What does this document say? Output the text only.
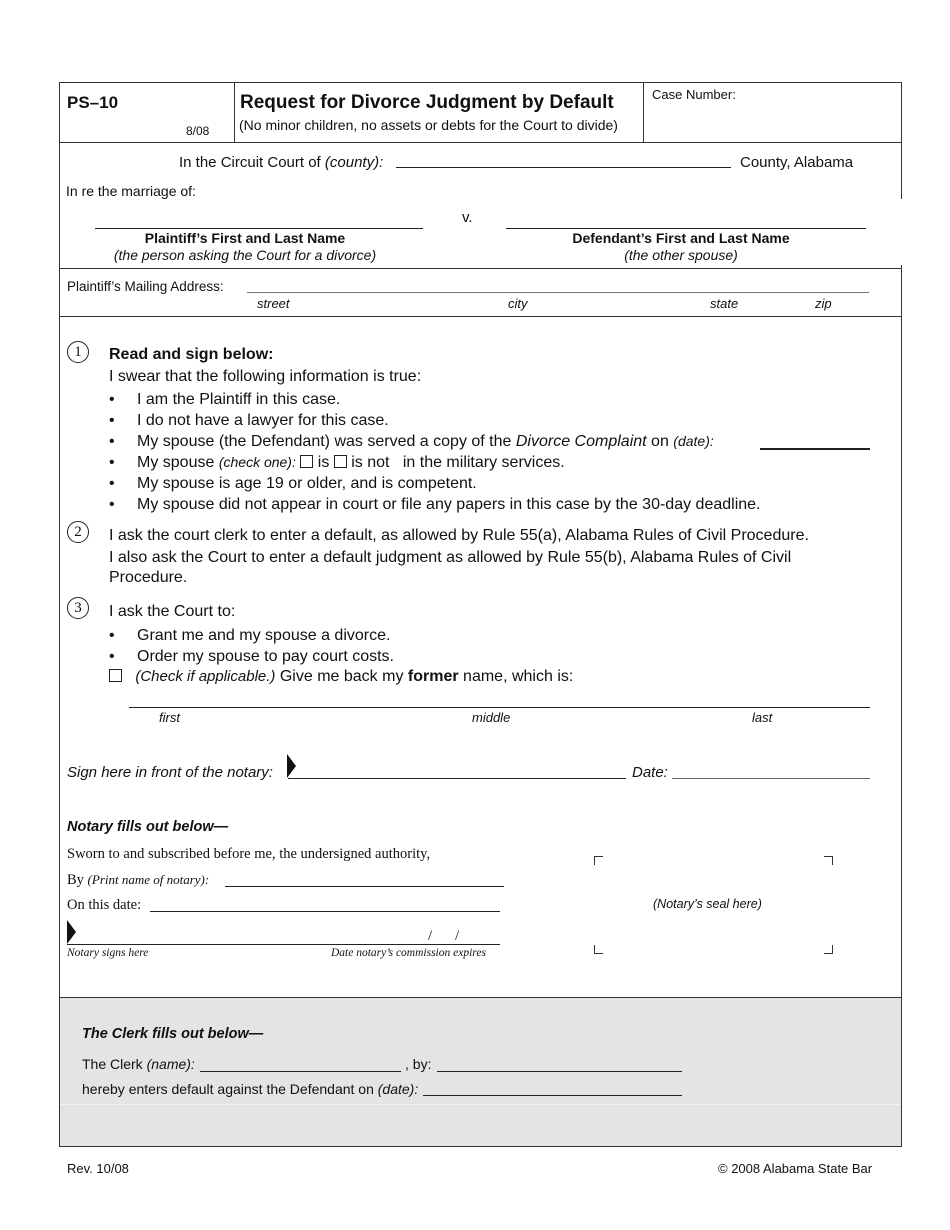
PS–10
8/08
Request for Divorce Judgment by Default
(No minor children, no assets or debts for the Court to divide)
Case Number:
In the Circuit Court of (county):	County, Alabama
In re the marriage of:
v.
Plaintiff’s First and Last Name
(the person asking the Court for a divorce)
Defendant’s First and Last Name
(the other spouse)
Plaintiff’s Mailing Address:
street	city	state	zip
1	Read and sign below:
I swear that the following information is true:
• I am the Plaintiff in this case.
• I do not have a lawyer for this case.
• My spouse (the Defendant) was served a copy of the Divorce Complaint on (date):
• My spouse (check one): is is not in the military services.
• My spouse is age 19 or older, and is competent.
• My spouse did not appear in court or file any papers in this case by the 30-day deadline.
2	I ask the court clerk to enter a default, as allowed by Rule 55(a), Alabama Rules of Civil Procedure.
I also ask the Court to enter a default judgment as allowed by Rule 55(b), Alabama Rules of Civil
Procedure.
3	I ask the Court to:
• Grant me and my spouse a divorce.
• Order my spouse to pay court costs.
(Check if applicable.) Give me back my former name, which is:
first	middle	last
Sign here in front of the notary:	Date:
Notary fills out below—
Sworn to and subscribed before me, the undersigned authority,
By (Print name of notary):
On this date:
/ /
Notary signs here	Date notary’s commission expires
(Notary’s seal here)
The Clerk fills out below—
The Clerk (name):	, by:
hereby enters default against the Defendant on (date):
Rev. 10/08	© 2008 Alabama State Bar
